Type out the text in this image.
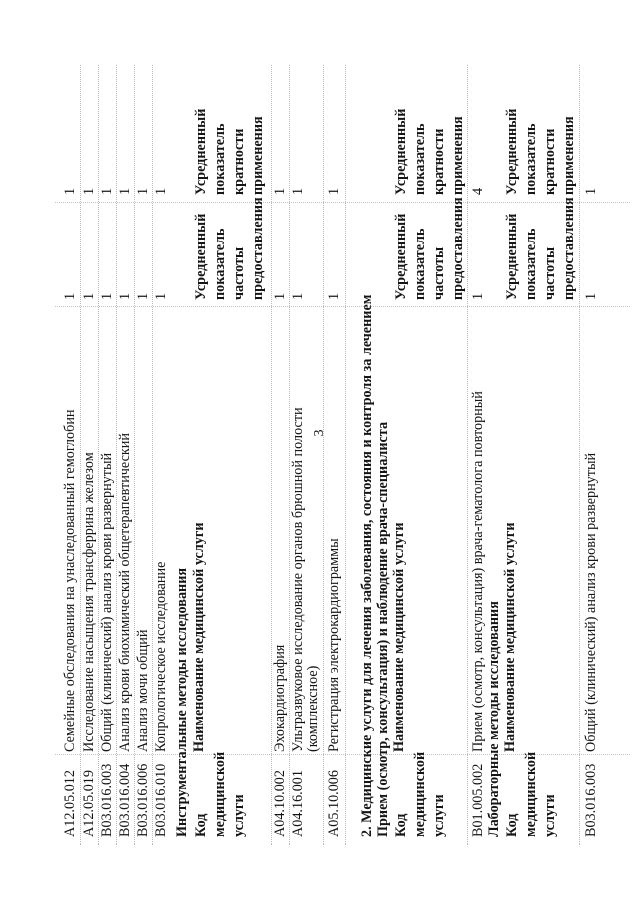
3
A12.05.012
Семейные обследования на унаследованный гемоглобин
1
1
A12.05.019
Исследование насыщения трансферрина железом
1
1
B03.016.003
Общий (клинический) анализ крови развернутый
1
1
B03.016.004
Анализ крови биохимический общетерапевтический
1
1
B03.016.006
Анализ мочи общий
1
1
B03.016.010
Копрологическое исследование
1
1
Инструментальные методы исследования Код медицинской услуги
Наименование медицинской услуги
Усредненный показатель частоты предоставления
Усредненный показатель кратности применения
A04.10.002
Эхокардиография
1
1
A04.16.001
Ультразвуковое исследование органов брюшной полости (комплексное)
1
1
A05.10.006
Регистрация электрокардиограммы
1
1
2. Медицинские услуги для лечения заболевания, состояния и контроля за лечением Прием (осмотр, консультация) и наблюдение врача-специалиста Код медицинской услуги
Наименование медицинской услуги
Усредненный показатель частоты предоставления
Усредненный показатель кратности применения
B01.005.002
Прием (осмотр, консультация) врача-гематолога повторный
1
4
Лабораторные методы исследования Код медицинской услуги
Наименование медицинской услуги
Усредненный показатель частоты предоставления
Усредненный показатель кратности применения
B03.016.003
Общий (клинический) анализ крови развернутый
1
1
